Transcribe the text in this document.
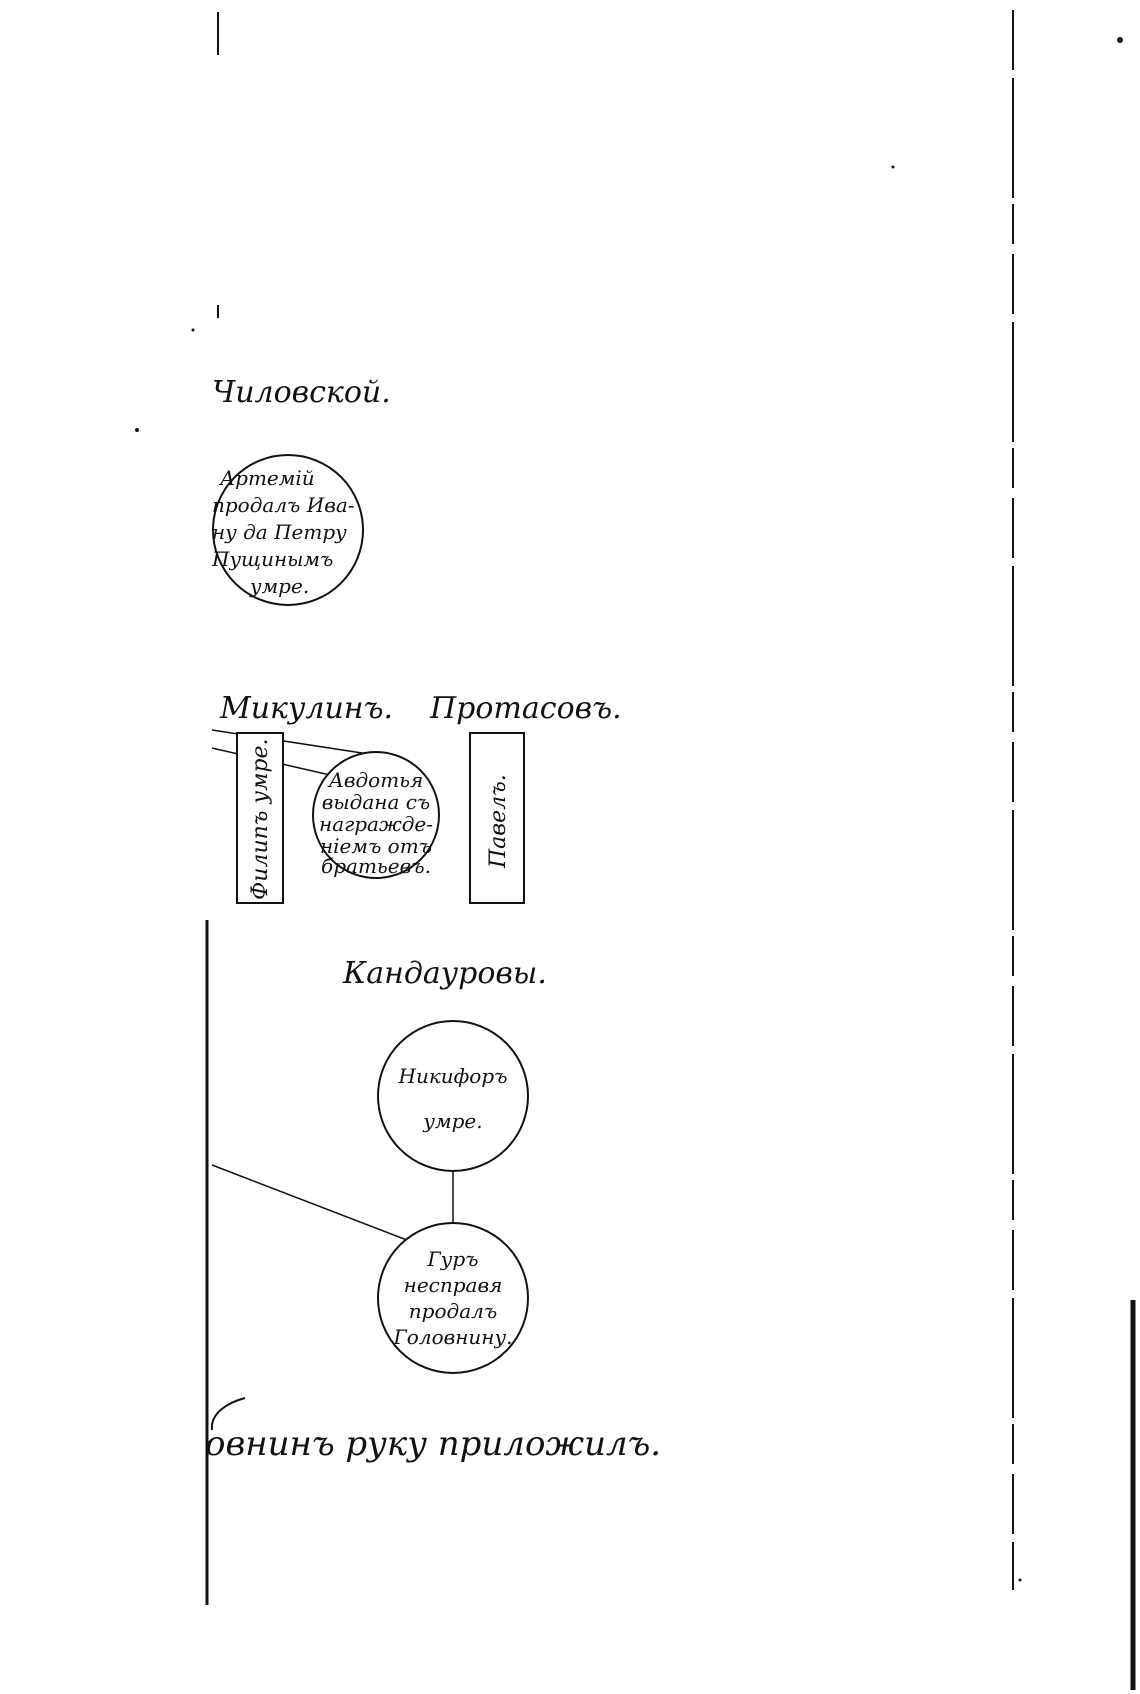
Чиловской.
Артемій
продалъ Ива-
ну да Петру
Пущинымъ
умре.
Микулинъ. Протасовъ.
Филипъ умре.	Авдотья
выдана съ
награжде-
ніемъ отъ
братьевъ.	Павелъ.
Кандауровы.
Никифоръ
умре.
Гуръ
несправя
продалъ
Головнину.
овнинъ руку приложилъ.
